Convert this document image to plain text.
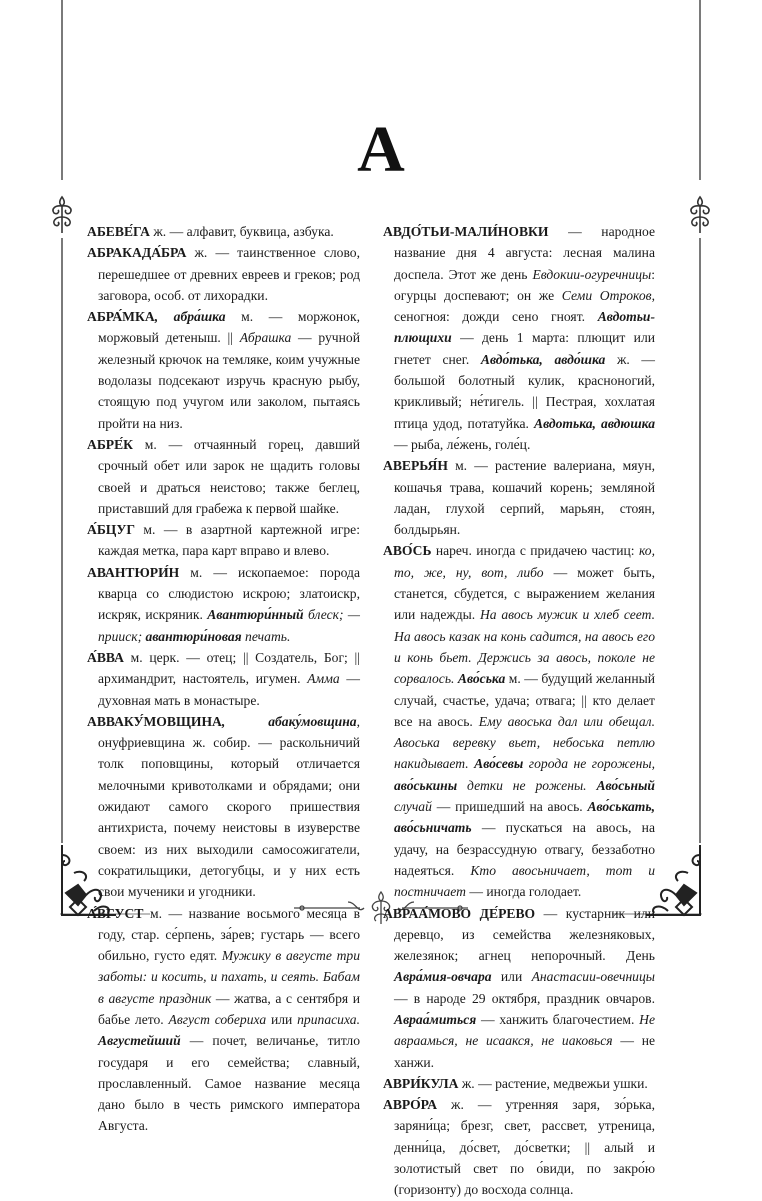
А

АБЕВЕ́ГА ж. — алфавит, буквица, азбука.

АБРАКАДА́БРА ж. — таинственное слово, перешедшее от древних евреев и греков; род заговора, особ. от лихорадки.

АБРА́МКА, абра́шка м. — моржонок, моржовый детеныш. || Абрашка — ручной железный крючок на темляке, коим учужные водолазы подсекают изручь красную рыбу, стоящую под учугом или заколом, пытаясь пройти на низ.

АБРЕ́К м. — отчаянный горец, давший срочный обет или зарок не щадить головы своей и драться неистово; также беглец, приставший для грабежа к первой шайке.

А́БЦУГ м. — в азартной картежной игре: каждая метка, пара карт вправо и влево.

АВАНТЮРИ́Н м. — ископаемое: порода кварца со слюдистою искрою; златоискр, искряк, искряник. Авантюри́нный блеск; — прииск; авантюри́новая печать.

А́ВВА м. церк. — отец; || Создатель, Бог; || архимандрит, настоятель, игумен. Амма — духовная мать в монастыре.

АВВАКУ́МОВЩИНА, абаку́мовщина, онуфриевщина ж. собир. — раскольничий толк поповщины, который отличается мелочными кривотолками и обрядами; они ожидают самого скорого пришествия антихриста, почему неистовы в изуверстве своем: из них выходили самосожигатели, сократильщики, детогубцы, и у них есть свои мученики и угодники.

А́ВГУСТ м. — название восьмого месяца в году, стар. се́рпень, за́рев; густарь — всего обильно, густо едят. Мужику в августе три заботы: и косить, и пахать, и сеять. Бабам в августе праздник — жатва, а с сентября и бабье лето. Август собериха или припасиха. Августейший — почет, величанье, титло государя и его семейства; славный, прославленный. Самое название месяца дано было в честь римского императора Августа.

АВДО́ТЬИ-МАЛИ́НОВКИ — народное название дня 4 августа: лесная малина доспела. Этот же день Евдокии-огуречницы: огурцы доспевают; он же Семи Отроков, сеногноя: дожди сено гноят. Авдотьи-плющихи — день 1 марта: плющит или гнетет снег. Авдо́тька, авдо́шка ж. — большой болотный кулик, красноногий, крикливый; не́тигель. || Пестрая, хохлатая птица удод, потатуйка. Авдотька, авдюшка — рыба, ле́жень, голе́ц.

АВЕРЬЯ́Н м. — растение валериана, мяун, кошачья трава, кошачий корень; земляной ладан, глухой серпий, марьян, стоян, болдырьян.

АВО́СЬ нареч. иногда с придачею частиц: ко, то, же, ну, вот, либо — может быть, станется, сбудется, с выражением желания или надежды. На авось мужик и хлеб сеет. На авось казак на конь садится, на авось его и конь бьет. Держись за авось, поколе не сорвалось. Аво́ська м. — будущий желанный случай, счастье, удача; отвага; || кто делает все на авось. Ему авоська дал или обещал. Авоська веревку вьет, небоська петлю накидывает. Аво́севы города не горожены, аво́ськины детки не рожены. Аво́сьный случай — пришедший на авось. Аво́ськать, аво́сьничать — пускаться на авось, на удачу, на безрассудную отвагу, беззаботно надеяться. Кто авосьничает, тот и постничает — иногда голодает.

АВРАА́МОВО ДЕ́РЕВО — кустарник или деревцо, из семейства железняковых, железянок; агнец непорочный. День Авра́мия-овчара или Анастасии-овечницы — в народе 29 октября, праздник овчаров. Авраа́миться — ханжить благочестием. Не авраамься, не исаакся, не иаковься — не ханжи.

АВРИ́КУЛА ж. — растение, медвежьи ушки.

АВРО́РА ж. — утренняя заря, зо́рька, заряни́ца; брезг, свет, рассвет, утреница, денни́ца, до́свет, до́светки; || алый и золотистый свет по о́види, по закро́ю (горизонту) до восхода солнца.
